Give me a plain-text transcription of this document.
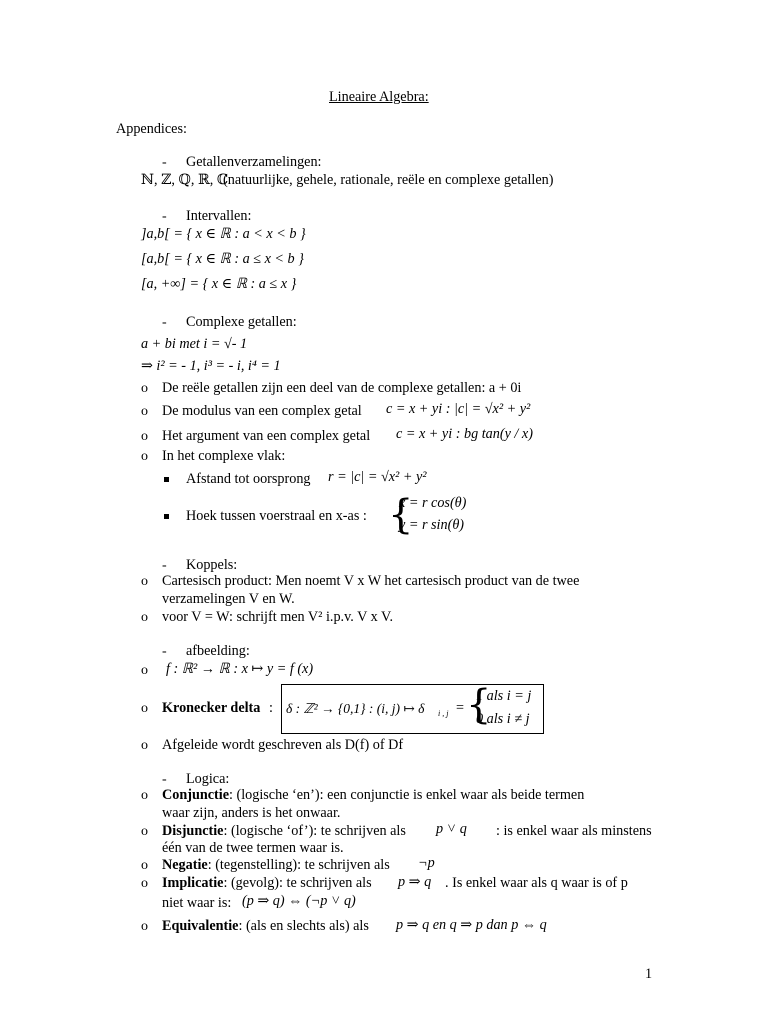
Lineaire Algebra:
Appendices:
- Getallenverzamelingen:
ℕ, ℤ, ℚ, ℝ, ℂ
(natuurlijke, gehele, rationale, reële en complexe getallen)
- Intervallen:
]a,b[ = { x ∈ ℝ : a < x < b }
[a,b[ = { x ∈ ℝ : a ≤ x < b }
[a, +∞] = { x ∈ ℝ : a ≤ x }
- Complexe getallen:
a + bi met i = √- 1
⇒ i² = - 1, i³ = - i, i⁴ = 1
o De reële getallen zijn een deel van de complexe getallen: a + 0i
o De modulus van een complex getal c = x + yi : |c| = √x² + y²
o Het argument van een complex getal c = x + yi : bg tan(y / x)
o In het complexe vlak:
Afstand tot oorsprong r = |c| = √x² + y²
Hoek tussen voerstraal en x-as : {
x = r cos(θ)
y = r sin(θ)
- Koppels:
o Cartesisch product: Men noemt V x W het cartesisch product van de twee
verzamelingen V en W.
o voor V = W: schrijft men V² i.p.v. V x V.
- afbeelding:
o f : ℝ² → ℝ : x ↦ y = f (x)
o Kronecker delta : δ : ℤ² → {0,1} : (i, j) ↦ δ i , j = {
1 als i = j
0 als i ≠ j
o Afgeleide wordt geschreven als D(f) of Df
- Logica:
o Conjunctie: (logische ‘en’): een conjunctie is enkel waar als beide termen
waar zijn, anders is het onwaar.
o Disjunctie: (logische ‘of’): te schrijven als p ˅ q : is enkel waar als minstens
één van de twee termen waar is.
o Negatie: (tegenstelling): te schrijven als ¬p
o Implicatie: (gevolg): te schrijven als p ⇒ q . Is enkel waar als q waar is of p
niet waar is: (p ⇒ q) ⇔ (¬p ˅ q)
o Equivalentie: (als en slechts als) als p ⇒ q en q ⇒ p dan p ⇔ q
1
